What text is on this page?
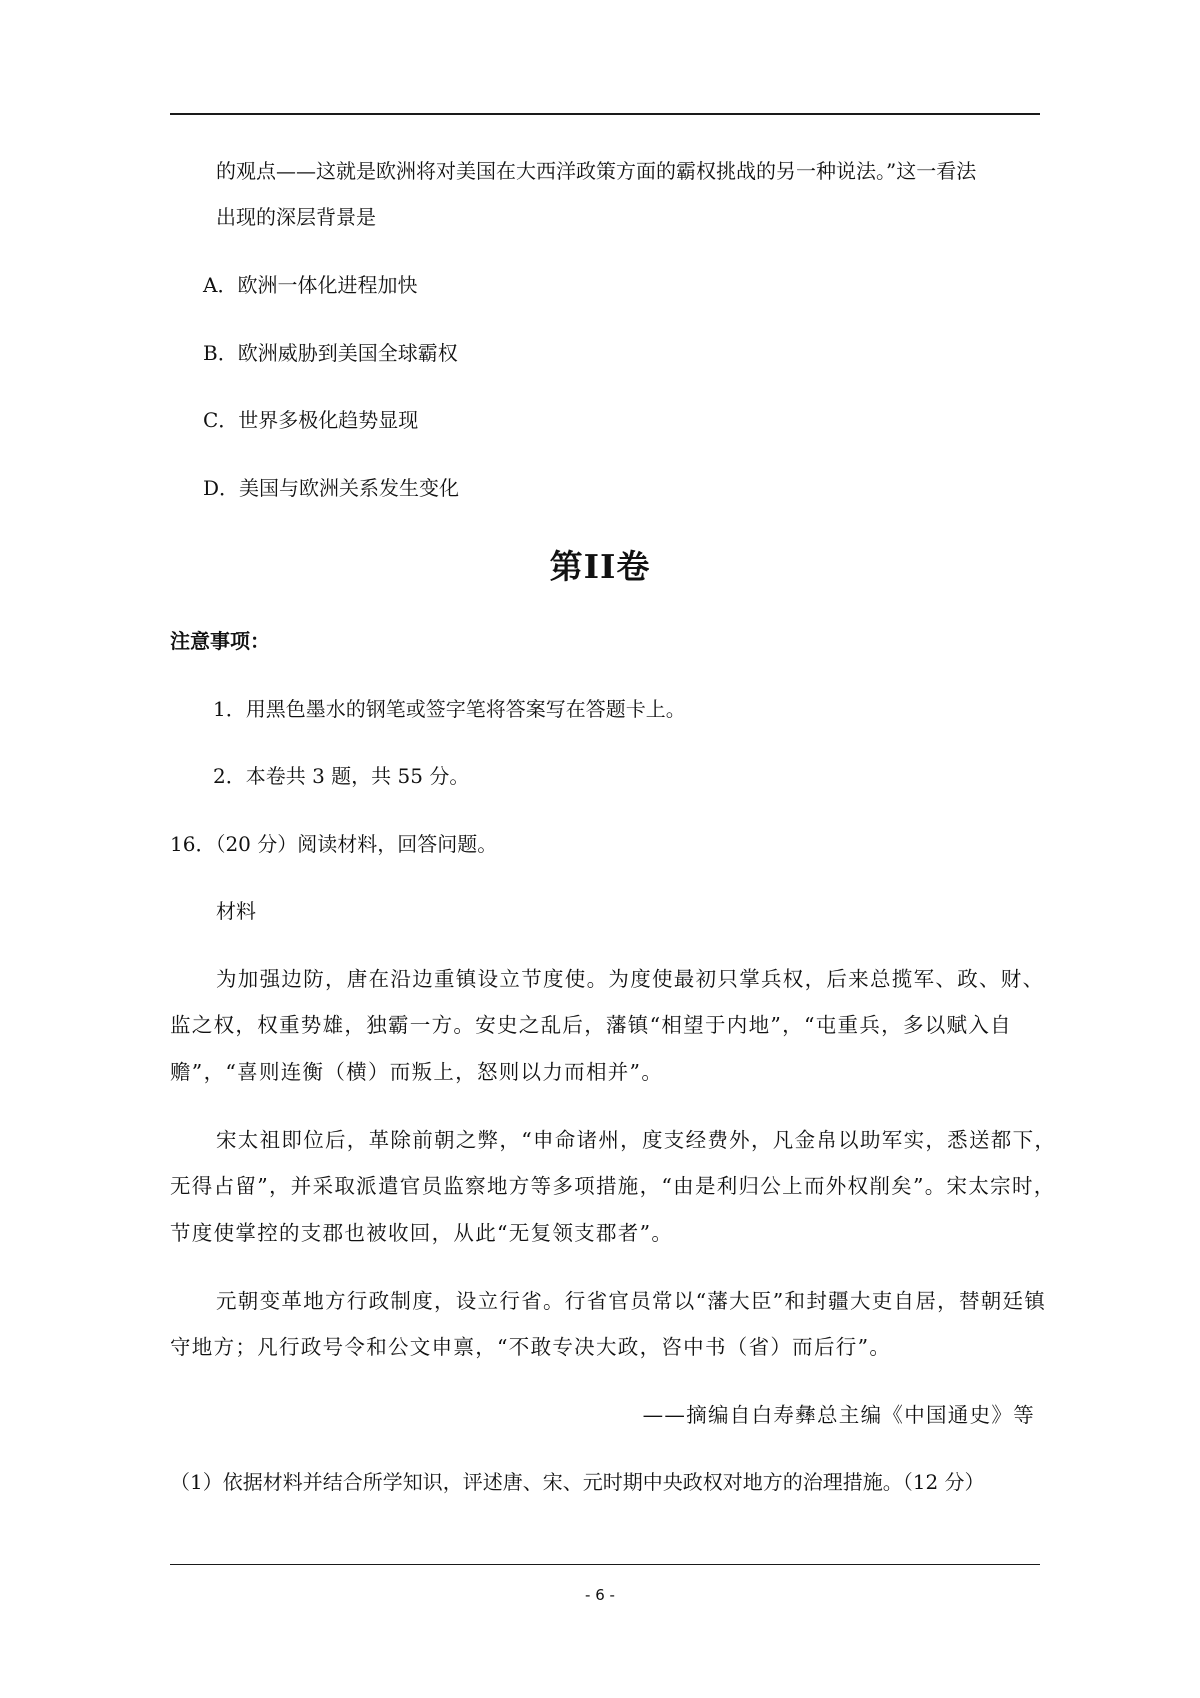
的观点——这就是欧洲将对美国在大西洋政策方面的霸权挑战的另一种说法。”这一看法
出现的深层背景是
A．欧洲一体化进程加快
B．欧洲威胁到美国全球霸权
C．世界多极化趋势显现
D．美国与欧洲关系发生变化
第II卷
注意事项：
1．用黑色墨水的钢笔或签字笔将答案写在答题卡上。
2．本卷共 3 题，共 55 分。
16．（20 分）阅读材料，回答问题。
材料
为加强边防，唐在沿边重镇设立节度使。为度使最初只掌兵权，后来总揽军、政、财、
监之权，权重势雄，独霸一方。安史之乱后，藩镇“相望于内地”，“屯重兵，多以赋入自
赡”，“喜则连衡（横）而叛上，怒则以力而相并”。
宋太祖即位后，革除前朝之弊，“申命诸州，度支经费外，凡金帛以助军实，悉送都下，
无得占留”，并采取派遣官员监察地方等多项措施，“由是利归公上而外权削矣”。宋太宗时，
节度使掌控的支郡也被收回，从此“无复领支郡者”。
元朝变革地方行政制度，设立行省。行省官员常以“藩大臣”和封疆大吏自居，替朝廷镇
守地方；凡行政号令和公文申禀，“不敢专决大政，咨中书（省）而后行”。
——摘编自白寿彝总主编《中国通史》等
（1）依据材料并结合所学知识，评述唐、宋、元时期中央政权对地方的治理措施。（12 分）
- 6 -
